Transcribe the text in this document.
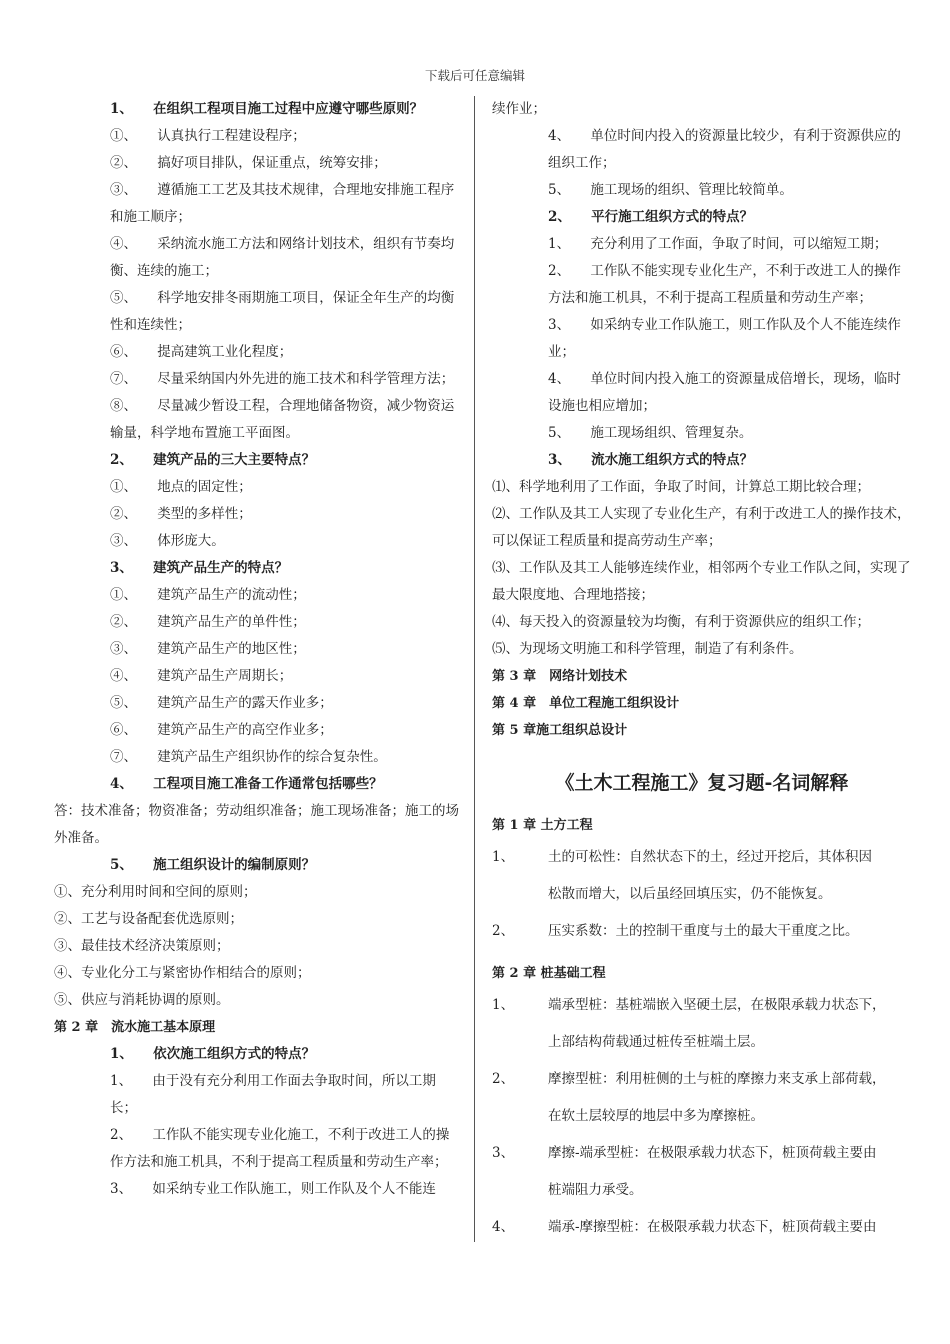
下载后可任意编辑
1、　　在组织工程项目施工过程中应遵守哪些原则？
①、　　认真执行工程建设程序；
②、　　搞好项目排队，保证重点，统筹安排；
③、　　遵循施工工艺及其技术规律，合理地安排施工程序和施工顺序；
④、　　采纳流水施工方法和网络计划技术，组织有节奏均衡、连续的施工；
⑤、　　科学地安排冬雨期施工项目，保证全年生产的均衡性和连续性；
⑥、　　提高建筑工业化程度；
⑦、　　尽量采纳国内外先进的施工技术和科学管理方法；
⑧、　　尽量减少暂设工程，合理地储备物资，减少物资运输量，科学地布置施工平面图。
2、　　建筑产品的三大主要特点？
①、　　地点的固定性；
②、　　类型的多样性；
③、　　体形庞大。
3、　　建筑产品生产的特点？
①、　　建筑产品生产的流动性；
②、　　建筑产品生产的单件性；
③、　　建筑产品生产的地区性；
④、　　建筑产品生产周期长；
⑤、　　建筑产品生产的露天作业多；
⑥、　　建筑产品生产的高空作业多；
⑦、　　建筑产品生产组织协作的综合复杂性。
4、　　工程项目施工准备工作通常包括哪些？
答：技术准备；物资准备；劳动组织准备；施工现场准备；施工的场外准备。
5、　　施工组织设计的编制原则？
①、充分利用时间和空间的原则；
②、工艺与设备配套优选原则；
③、最佳技术经济决策原则；
④、专业化分工与紧密协作相结合的原则；
⑤、供应与消耗协调的原则。
第 2 章　流水施工基本原理
1、　　依次施工组织方式的特点？
1、　　由于没有充分利用工作面去争取时间，所以工期长；
2、　　工作队不能实现专业化施工，不利于改进工人的操作方法和施工机具，不利于提高工程质量和劳动生产率；
3、　　如采纳专业工作队施工，则工作队及个人不能连
续作业；
4、　　单位时间内投入的资源量比较少，有利于资源供应的组织工作；
5、　　施工现场的组织、管理比较简单。
2、　　平行施工组织方式的特点？
1、　　充分利用了工作面，争取了时间，可以缩短工期；
2、　　工作队不能实现专业化生产，不利于改进工人的操作方法和施工机具，不利于提高工程质量和劳动生产率；
3、　　如采纳专业工作队施工，则工作队及个人不能连续作业；
4、　　单位时间内投入施工的资源量成倍增长，现场，临时设施也相应增加；
5、　　施工现场组织、管理复杂。
3、　　流水施工组织方式的特点？
⑴、科学地利用了工作面，争取了时间，计算总工期比较合理；
⑵、工作队及其工人实现了专业化生产，有利于改进工人的操作技术，可以保证工程质量和提高劳动生产率；
⑶、工作队及其工人能够连续作业，相邻两个专业工作队之间，实现了最大限度地、合理地搭接；
⑷、每天投入的资源量较为均衡，有利于资源供应的组织工作；
⑸、为现场文明施工和科学管理，制造了有利条件。
第 3 章　网络计划技术
第 4 章　单位工程施工组织设计
第 5 章施工组织总设计
《土木工程施工》复习题-名词解释
第 1 章 土方工程
1、	土的可松性：自然状态下的土，经过开挖后，其体积因
松散而增大，以后虽经回填压实，仍不能恢复。
2、	压实系数：土的控制干重度与土的最大干重度之比。
第 2 章 桩基础工程
1、	端承型桩：基桩端嵌入坚硬土层，在极限承载力状态下，
上部结构荷载通过桩传至桩端土层。
2、	摩擦型桩：利用桩侧的土与桩的摩擦力来支承上部荷载，
在软土层较厚的地层中多为摩擦桩。
3、	摩擦-端承型桩：在极限承载力状态下，桩顶荷载主要由
桩端阻力承受。
4、	端承-摩擦型桩：在极限承载力状态下，桩顶荷载主要由
